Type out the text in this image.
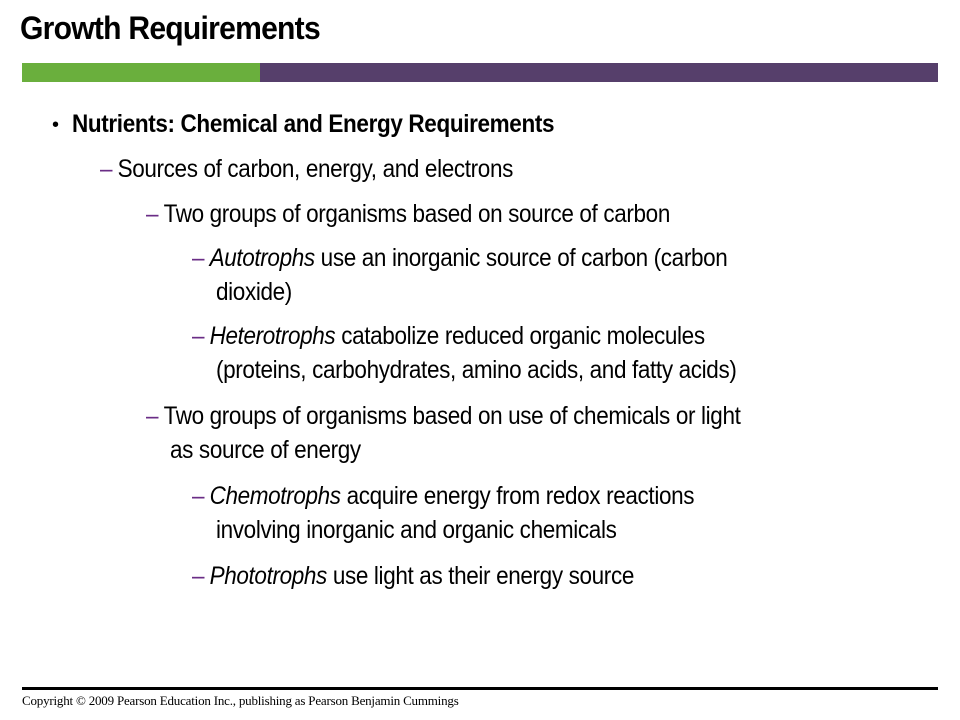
Growth Requirements
• Nutrients: Chemical and Energy Requirements
– Sources of carbon, energy, and electrons
– Two groups of organisms based on source of carbon
– Autotrophs use an inorganic source of carbon (carbon
dioxide)
– Heterotrophs catabolize reduced organic molecules
(proteins, carbohydrates, amino acids, and fatty acids)
– Two groups of organisms based on use of chemicals or light
as source of energy
– Chemotrophs acquire energy from redox reactions
involving inorganic and organic chemicals
– Phototrophs use light as their energy source
Copyright © 2009 Pearson Education Inc., publishing as Pearson Benjamin Cummings
